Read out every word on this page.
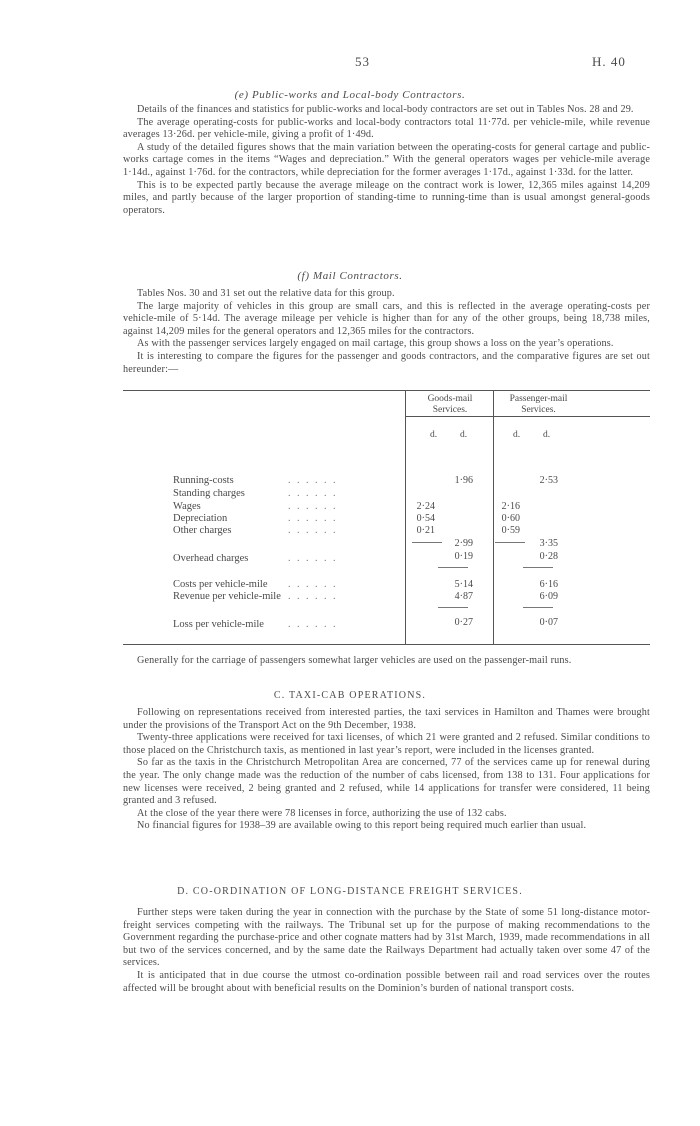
53	H. 40
(e) Public-works and Local-body Contractors.

Details of the finances and statistics for public-works and local-body contractors are set out in Tables Nos. 28 and 29.

The average operating-costs for public-works and local-body contractors total 11·77d. per vehicle-mile, while revenue averages 13·26d. per vehicle-mile, giving a profit of 1·49d.

A study of the detailed figures shows that the main variation between the operating-costs for general cartage and public-works cartage comes in the items “Wages and depreciation.” With the general operators wages per vehicle-mile average 1·14d., against 1·76d. for the contractors, while depreciation for the former averages 1·17d., against 1·33d. for the latter.

This is to be expected partly because the average mileage on the contract work is lower, 12,365 miles against 14,209 miles, and partly because of the larger proportion of standing-time to running-time than is usual amongst general-goods operators.

(f) Mail Contractors.

Tables Nos. 30 and 31 set out the relative data for this group.

The large majority of vehicles in this group are small cars, and this is reflected in the average operating-costs per vehicle-mile of 5·14d. The average mileage per vehicle is higher than for any of the other groups, being 18,738 miles, against 14,209 miles for the general operators and 12,365 miles for the contractors.

As with the passenger services largely engaged on mail cartage, this group shows a loss on the year’s operations.

It is interesting to compare the figures for the passenger and goods contractors, and the comparative figures are set out hereunder:—

Goods-mail Services.
Passenger-mail Services.
d. d.	d. d.
Running-costs	. . . . . .	1·96	2·53
Standing charges	. . . . . .
Wages	. . . . . .	2·24	2·16
Depreciation	. . . . . .	0·54	0·60
Other charges	. . . . . .	0·21	0·59
2·99	3·35
Overhead charges	. . . . . .	0·19	0·28
Costs per vehicle-mile . . . . . .	5·14	6·16
Revenue per vehicle-mile . . . . . .	4·87	6·09
Loss per vehicle-mile . . . . . .	0·27	0·07

Generally for the carriage of passengers somewhat larger vehicles are used on the passenger-mail runs.

C. TAXI-CAB OPERATIONS.

Following on representations received from interested parties, the taxi services in Hamilton and Thames were brought under the provisions of the Transport Act on the 9th December, 1938.

Twenty-three applications were received for taxi licenses, of which 21 were granted and 2 refused. Similar conditions to those placed on the Christchurch taxis, as mentioned in last year’s report, were included in the licenses granted.

So far as the taxis in the Christchurch Metropolitan Area are concerned, 77 of the services came up for renewal during the year. The only change made was the reduction of the number of cabs licensed, from 138 to 131. Four applications for new licenses were received, 2 being granted and 2 refused, while 14 applications for transfer were considered, 11 being granted and 3 refused.

At the close of the year there were 78 licenses in force, authorizing the use of 132 cabs.

No financial figures for 1938–39 are available owing to this report being required much earlier than usual.

D. CO-ORDINATION OF LONG-DISTANCE FREIGHT SERVICES.

Further steps were taken during the year in connection with the purchase by the State of some 51 long-distance motor-freight services competing with the railways. The Tribunal set up for the purpose of making recommendations to the Government regarding the purchase-price and other cognate matters had by 31st March, 1939, made recommendations in all but two of the services concerned, and by the same date the Railways Department had actually taken over some 47 of the services.

It is anticipated that in due course the utmost co-ordination possible between rail and road services over the routes affected will be brought about with beneficial results on the Dominion’s burden of national transport costs.
